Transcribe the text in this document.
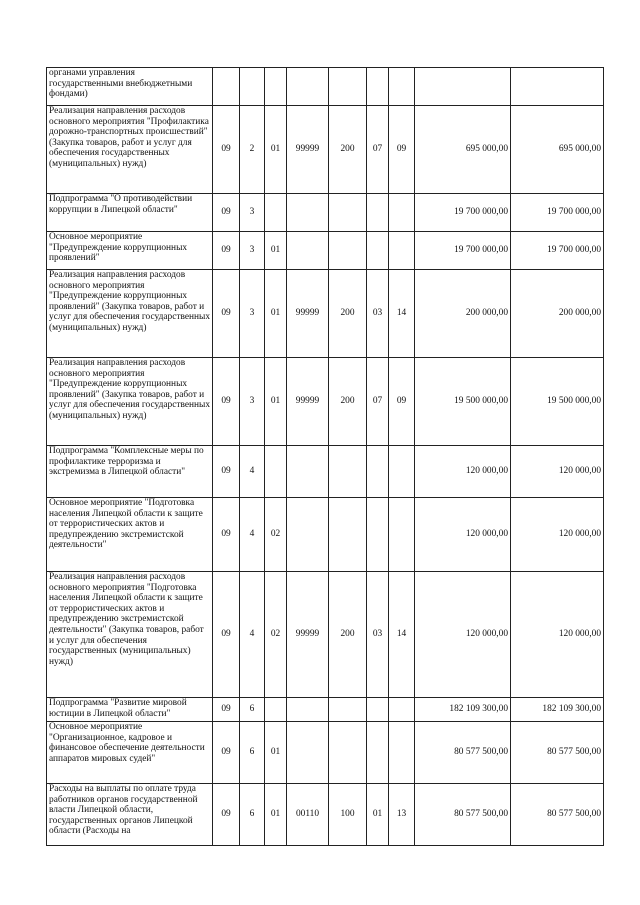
органами управления государственными внебюджетными фондами)									
Реализация направления расходов основного мероприятия "Профилактика дорожно-транспортных происшествий" (Закупка товаров, работ и услуг для обеспечения государственных (муниципальных) нужд)	09	2	01	99999	200	07	09	695 000,00	695 000,00
Подпрограмма "О противодействии коррупции в Липецкой области"	09	3						19 700 000,00	19 700 000,00
Основное мероприятие "Предупреждение коррупционных проявлений"	09	3	01					19 700 000,00	19 700 000,00
Реализация направления расходов основного мероприятия "Предупреждение коррупционных проявлений" (Закупка товаров, работ и услуг для обеспечения государственных (муниципальных) нужд)	09	3	01	99999	200	03	14	200 000,00	200 000,00
Реализация направления расходов основного мероприятия "Предупреждение коррупционных проявлений" (Закупка товаров, работ и услуг для обеспечения государственных (муниципальных) нужд)	09	3	01	99999	200	07	09	19 500 000,00	19 500 000,00
Подпрограмма "Комплексные меры по профилактике терроризма и экстремизма в Липецкой области"	09	4						120 000,00	120 000,00
Основное мероприятие "Подготовка населения Липецкой области к защите от террористических актов и предупреждению экстремистской деятельности"	09	4	02					120 000,00	120 000,00
Реализация направления расходов основного мероприятия "Подготовка населения Липецкой области к защите от террористических актов и предупреждению экстремистской деятельности" (Закупка товаров, работ и услуг для обеспечения государственных (муниципальных) нужд)	09	4	02	99999	200	03	14	120 000,00	120 000,00
Подпрограмма "Развитие мировой юстиции в Липецкой области"	09	6						182 109 300,00	182 109 300,00
Основное мероприятие "Организационное, кадровое и финансовое обеспечение деятельности аппаратов мировых судей"	09	6	01					80 577 500,00	80 577 500,00
Расходы на выплаты по оплате труда работников органов государственной власти Липецкой области, государственных органов Липецкой области (Расходы на	09	6	01	00110	100	01	13	80 577 500,00	80 577 500,00
